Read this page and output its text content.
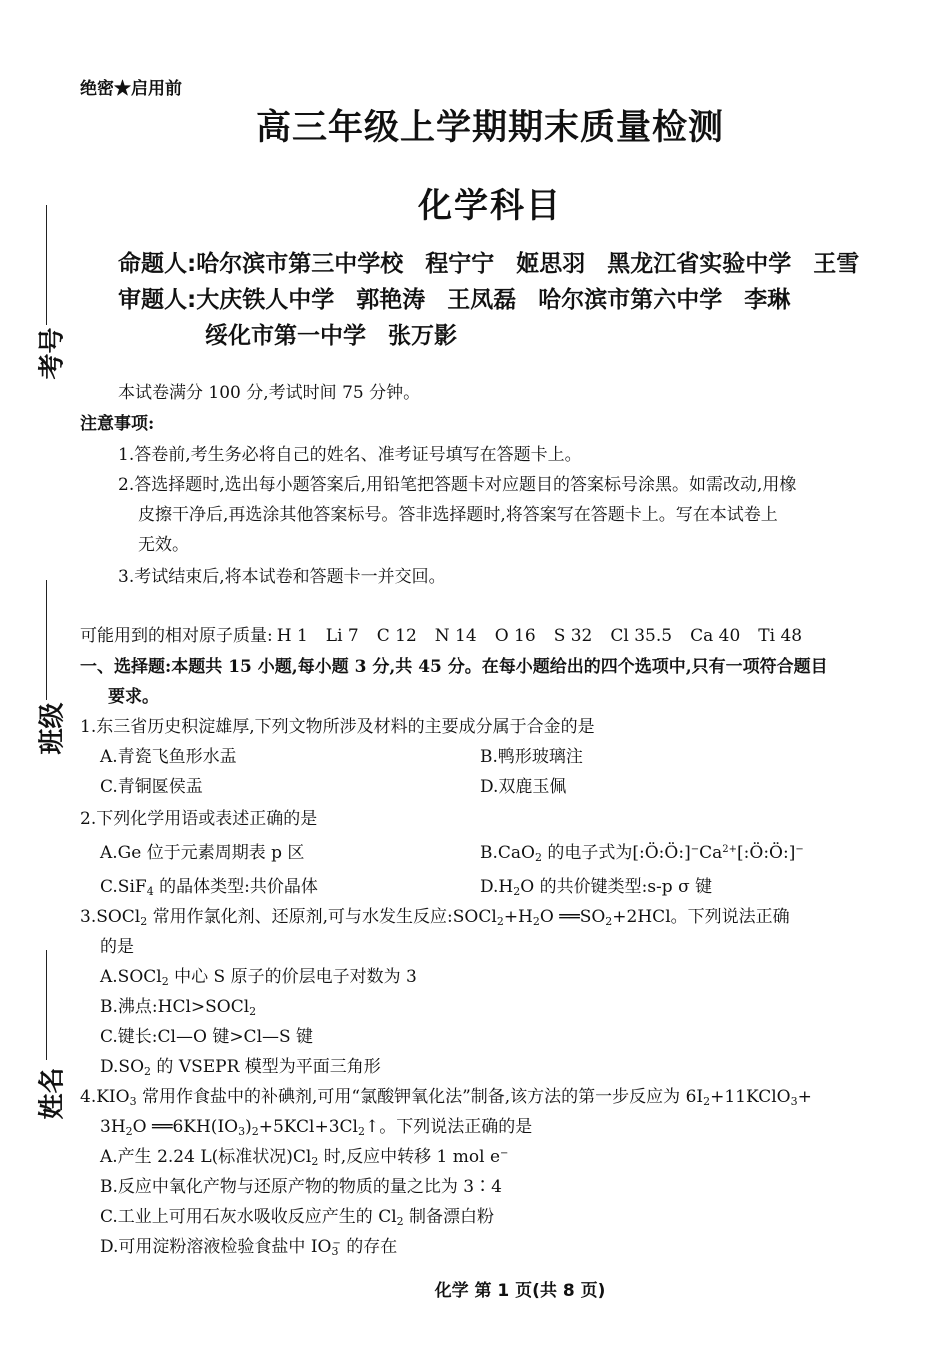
绝密★启用前
高三年级上学期期末质量检测
化学科目
命题人:哈尔滨市第三中学校 程宁宁 姬思羽 黑龙江省实验中学 王雪
审题人:大庆铁人中学 郭艳涛 王凤磊 哈尔滨市第六中学 李琳
绥化市第一中学 张万影
考号
班级
姓名
本试卷满分 100 分,考试时间 75 分钟。
注意事项:
1.答卷前,考生务必将自己的姓名、准考证号填写在答题卡上。
2.答选择题时,选出每小题答案后,用铅笔把答题卡对应题目的答案标号涂黑。如需改动,用橡
皮擦干净后,再选涂其他答案标号。答非选择题时,将答案写在答题卡上。写在本试卷上
无效。
3.考试结束后,将本试卷和答题卡一并交回。
可能用到的相对原子质量: H 1 Li 7 C 12 N 14 O 16 S 32 Cl 35.5 Ca 40 Ti 48
一、选择题:本题共 15 小题,每小题 3 分,共 45 分。在每小题给出的四个选项中,只有一项符合题目
要求。
1.东三省历史积淀雄厚,下列文物所涉及材料的主要成分属于合金的是
A.青瓷飞鱼形水盂	B.鸭形玻璃注
C.青铜匽侯盂	D.双鹿玉佩
2.下列化学用语或表述正确的是
A.Ge 位于元素周期表 p 区	B.CaO$_2$ 的电子式为$[:Ö:Ö:]^-Ca^{2+}[:Ö:Ö:]^-$
C.SiF$_4$ 的晶体类型:共价晶体	$D.H_2O$ 的共价键类型:s-p σ 键
3.SOCl$_2$ 常用作氯化剂、还原剂,可与水发生反应$:SOCl_2+H_2O$ $══SO_2+2HCl$。下列说法正确
的是
A.SOCl$_2$ 中心 S 原子的价层电子对数为 3
B.沸点:HCl>SOCl$_2$
C.键长:Cl—O 键>Cl—S 键
$D.SO_2$ 的 VSEPR 模型为平面三角形
$4.KIO_3$ 常用作食盐中的补碘剂,可用“氯酸钾氧化法”制备,该方法的第一步反应为 $6I_2+11KClO_3+$
$3H_2O$ $══6KH(IO_3)_2+5KCl+3Cl_2↑$。下列说法正确的是
A.产生 2.24 L(标准状况)$Cl_2$ 时,反应中转移 1 mol e−
B.反应中氧化产物与还原产物的物质的量之比为 3∶4
C.工业上可用石灰水吸收反应产生的 $Cl_2$ 制备漂白粉
D.可用淀粉溶液检验食盐中 $IO_3^-$ 的存在
化学 第 1 页(共 8 页)
